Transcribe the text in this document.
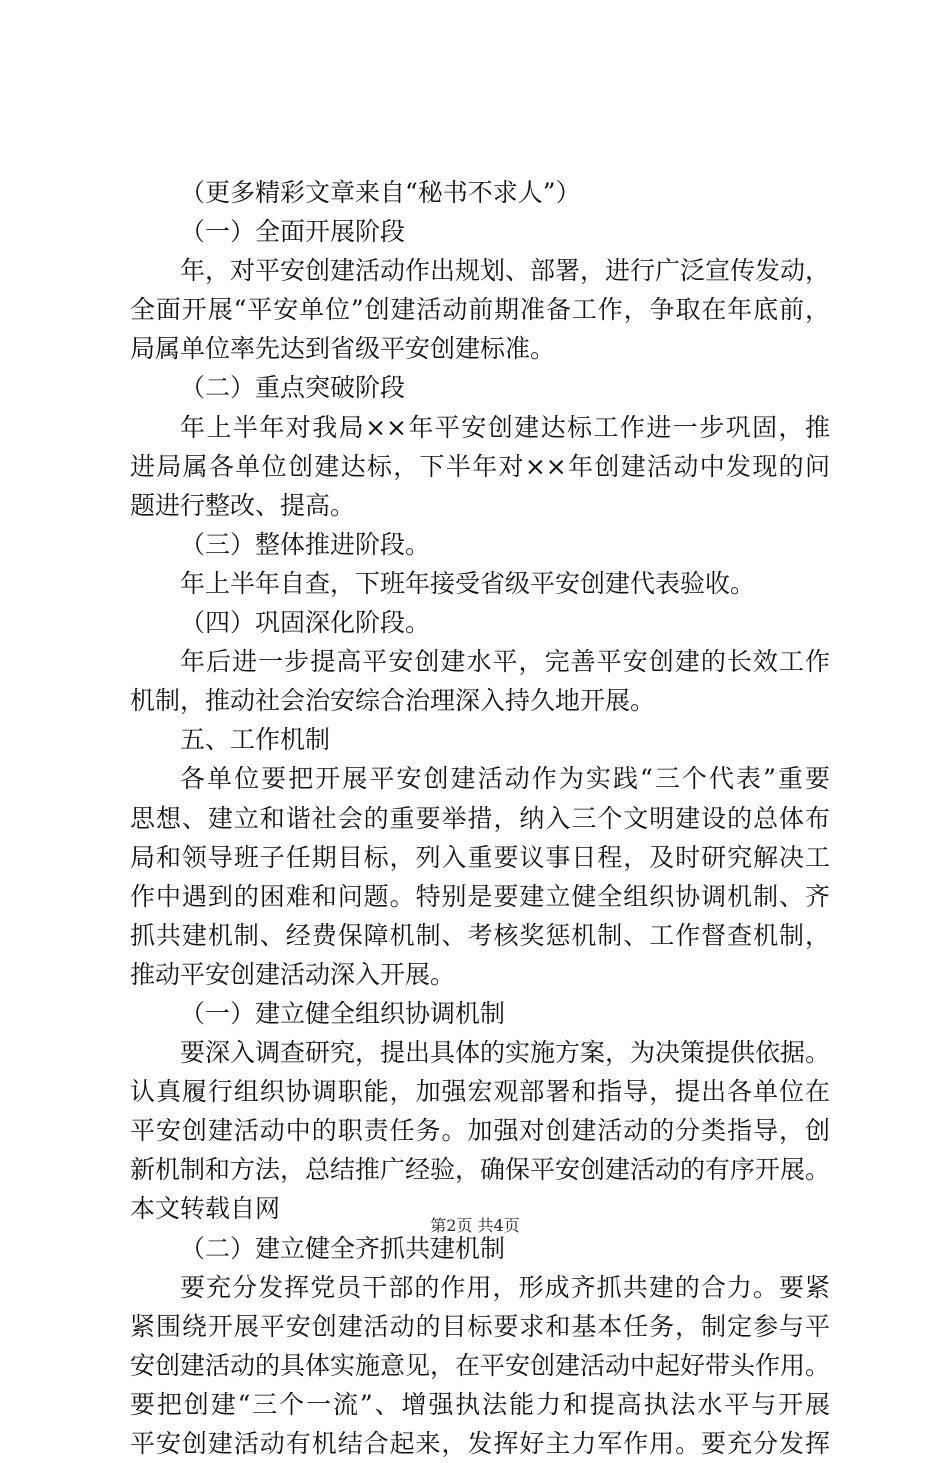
（更多精彩文章来自“秘书不求人”）
（一）全面开展阶段
年，对平安创建活动作出规划、部署，进行广泛宣传发动，
全面开展“平安单位”创建活动前期准备工作，争取在年底前，
局属单位率先达到省级平安创建标准。
（二）重点突破阶段
年上半年对我局××年平安创建达标工作进一步巩固，推
进局属各单位创建达标，下半年对××年创建活动中发现的问
题进行整改、提高。
（三）整体推进阶段。
年上半年自查，下班年接受省级平安创建代表验收。
（四）巩固深化阶段。
年后进一步提高平安创建水平，完善平安创建的长效工作
机制，推动社会治安综合治理深入持久地开展。
五、工作机制
各单位要把开展平安创建活动作为实践“三个代表”重要
思想、建立和谐社会的重要举措，纳入三个文明建设的总体布
局和领导班子任期目标，列入重要议事日程，及时研究解决工
作中遇到的困难和问题。特别是要建立健全组织协调机制、齐
抓共建机制、经费保障机制、考核奖惩机制、工作督查机制，
推动平安创建活动深入开展。
（一）建立健全组织协调机制
要深入调查研究，提出具体的实施方案，为决策提供依据。
认真履行组织协调职能，加强宏观部署和指导，提出各单位在
平安创建活动中的职责任务。加强对创建活动的分类指导，创
新机制和方法，总结推广经验，确保平安创建活动的有序开展。
本文转载自网
（二）建立健全齐抓共建机制
要充分发挥党员干部的作用，形成齐抓共建的合力。要紧
紧围绕开展平安创建活动的目标要求和基本任务，制定参与平
安创建活动的具体实施意见，在平安创建活动中起好带头作用。
要把创建“三个一流”、增强执法能力和提高执法水平与开展
平安创建活动有机结合起来，发挥好主力军作用。要充分发挥
第2页 共4页
